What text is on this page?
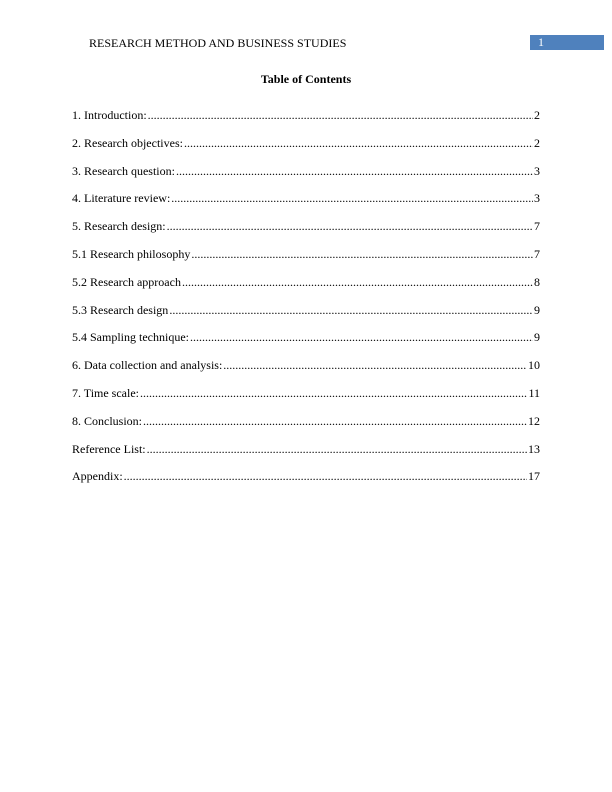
RESEARCH METHOD AND BUSINESS STUDIES	1
Table of Contents
1. Introduction: .....	2
2. Research objectives: .....	2
3. Research question: .....	3
4. Literature review: .....	3
5. Research design: .....	7
5.1 Research philosophy .....	7
5.2 Research approach .....	8
5.3 Research design .....	9
5.4 Sampling technique: .....	9
6. Data collection and analysis: .....	10
7. Time scale: .....	11
8. Conclusion: .....	12
Reference List: .....	13
Appendix: .....	17
